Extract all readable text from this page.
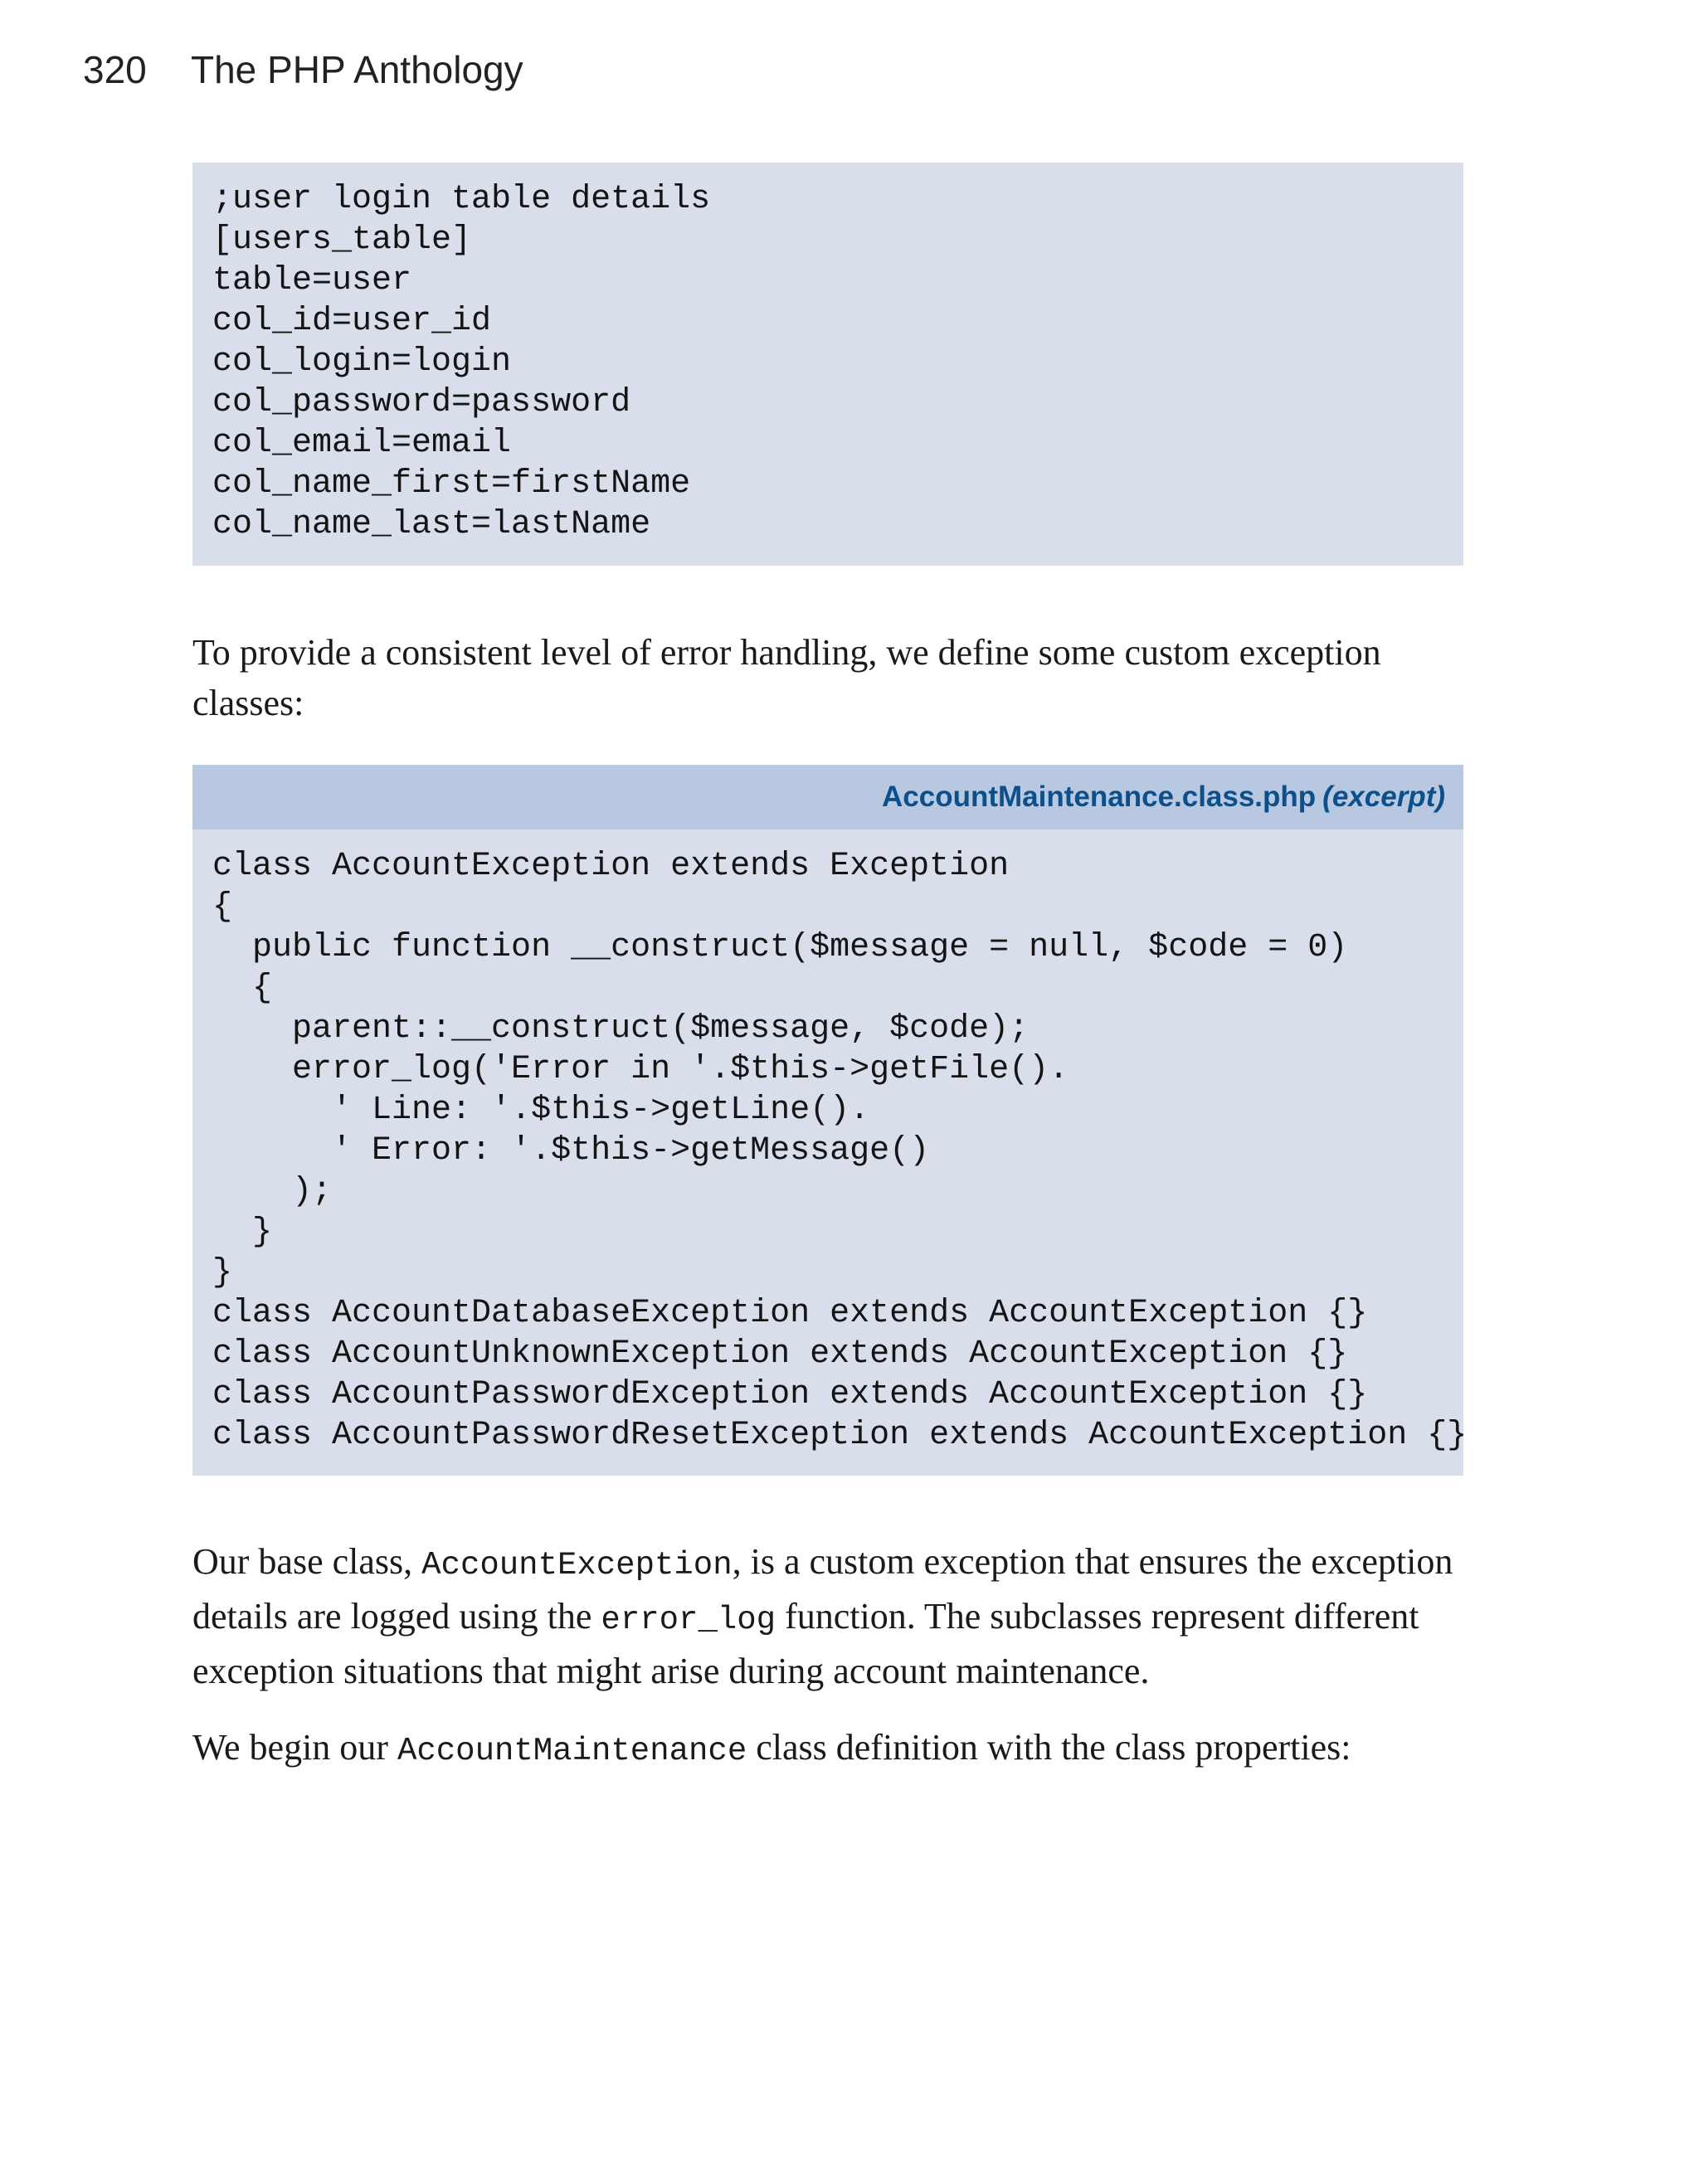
320 The PHP Anthology
;user login table details
[users_table]
table=user
col_id=user_id
col_login=login
col_password=password
col_email=email
col_name_first=firstName
col_name_last=lastName

To provide a consistent level of error handling, we define some custom exception classes:

AccountMaintenance.class.php (excerpt)
class AccountException extends Exception
{
public function __construct($message = null, $code = 0)
{
parent::__construct($message, $code);
error_log('Error in '.$this->getFile().
' Line: '.$this->getLine().
' Error: '.$this->getMessage()
);
}
}
class AccountDatabaseException extends AccountException {}
class AccountUnknownException extends AccountException {}
class AccountPasswordException extends AccountException {}
class AccountPasswordResetException extends AccountException {}

Our base class, AccountException, is a custom exception that ensures the exception details are logged using the error_log function. The subclasses represent different exception situations that might arise during account maintenance.

We begin our AccountMaintenance class definition with the class properties:
